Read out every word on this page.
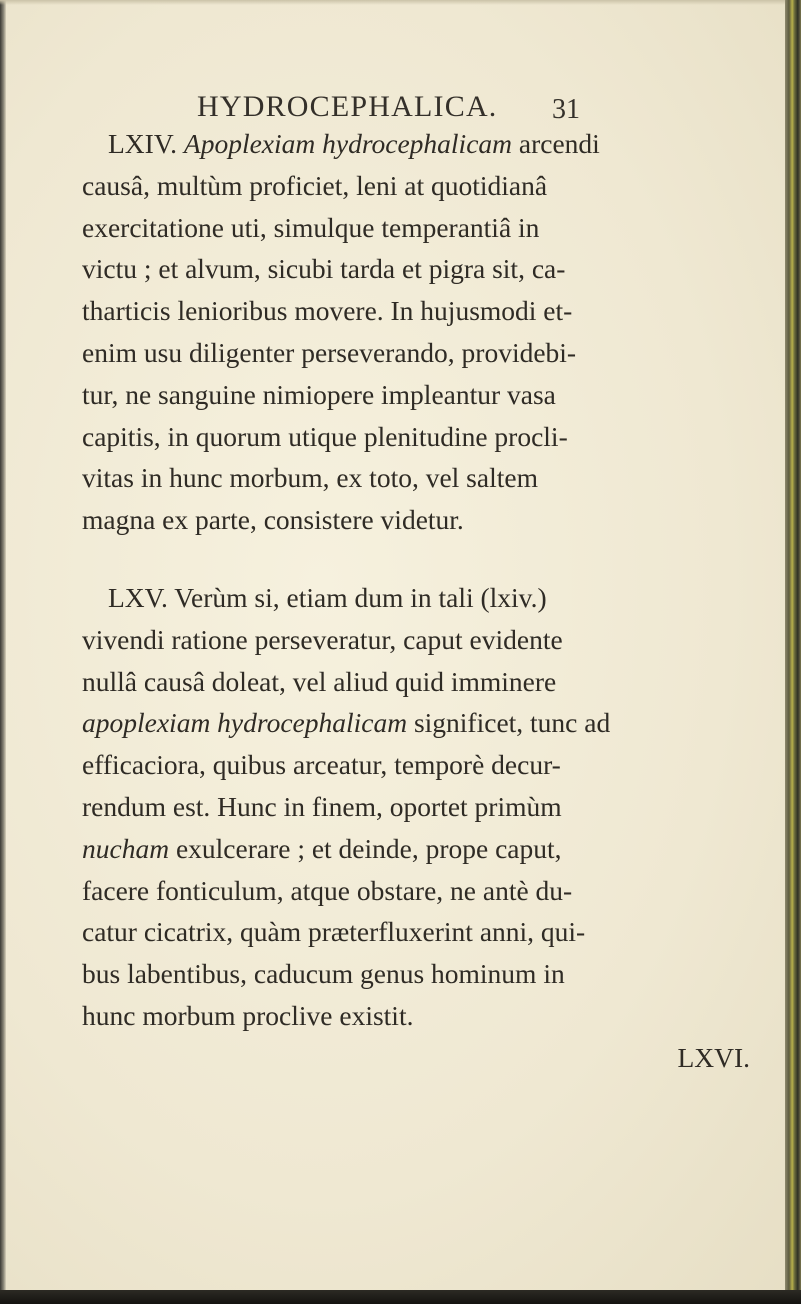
HYDROCEPHALICA.	31
LXIV. Apoplexiam hydrocephalicam arcendi
causâ, multùm proficiet, leni at quotidianâ
exercitatione uti, simulque temperantiâ in
victu ; et alvum, sicubi tarda et pigra sit, ca-
tharticis lenioribus movere. In hujusmodi et-
enim usu diligenter perseverando, providebi-
tur, ne sanguine nimiopere impleantur vasa
capitis, in quorum utique plenitudine procli-
vitas in hunc morbum, ex toto, vel saltem
magna ex parte, consistere videtur.
LXV. Verùm si, etiam dum in tali (lxiv.)
vivendi ratione perseveratur, caput evidente
nullâ causâ doleat, vel aliud quid imminere
apoplexiam hydrocephalicam significet, tunc ad
efficaciora, quibus arceatur, temporè decur-
rendum est. Hunc in finem, oportet primùm
nucham exulcerare ; et deinde, prope caput,
facere fonticulum, atque obstare, ne antè du-
catur cicatrix, quàm præterfluxerint anni, qui-
bus labentibus, caducum genus hominum in
hunc morbum proclive existit.
LXVI.
